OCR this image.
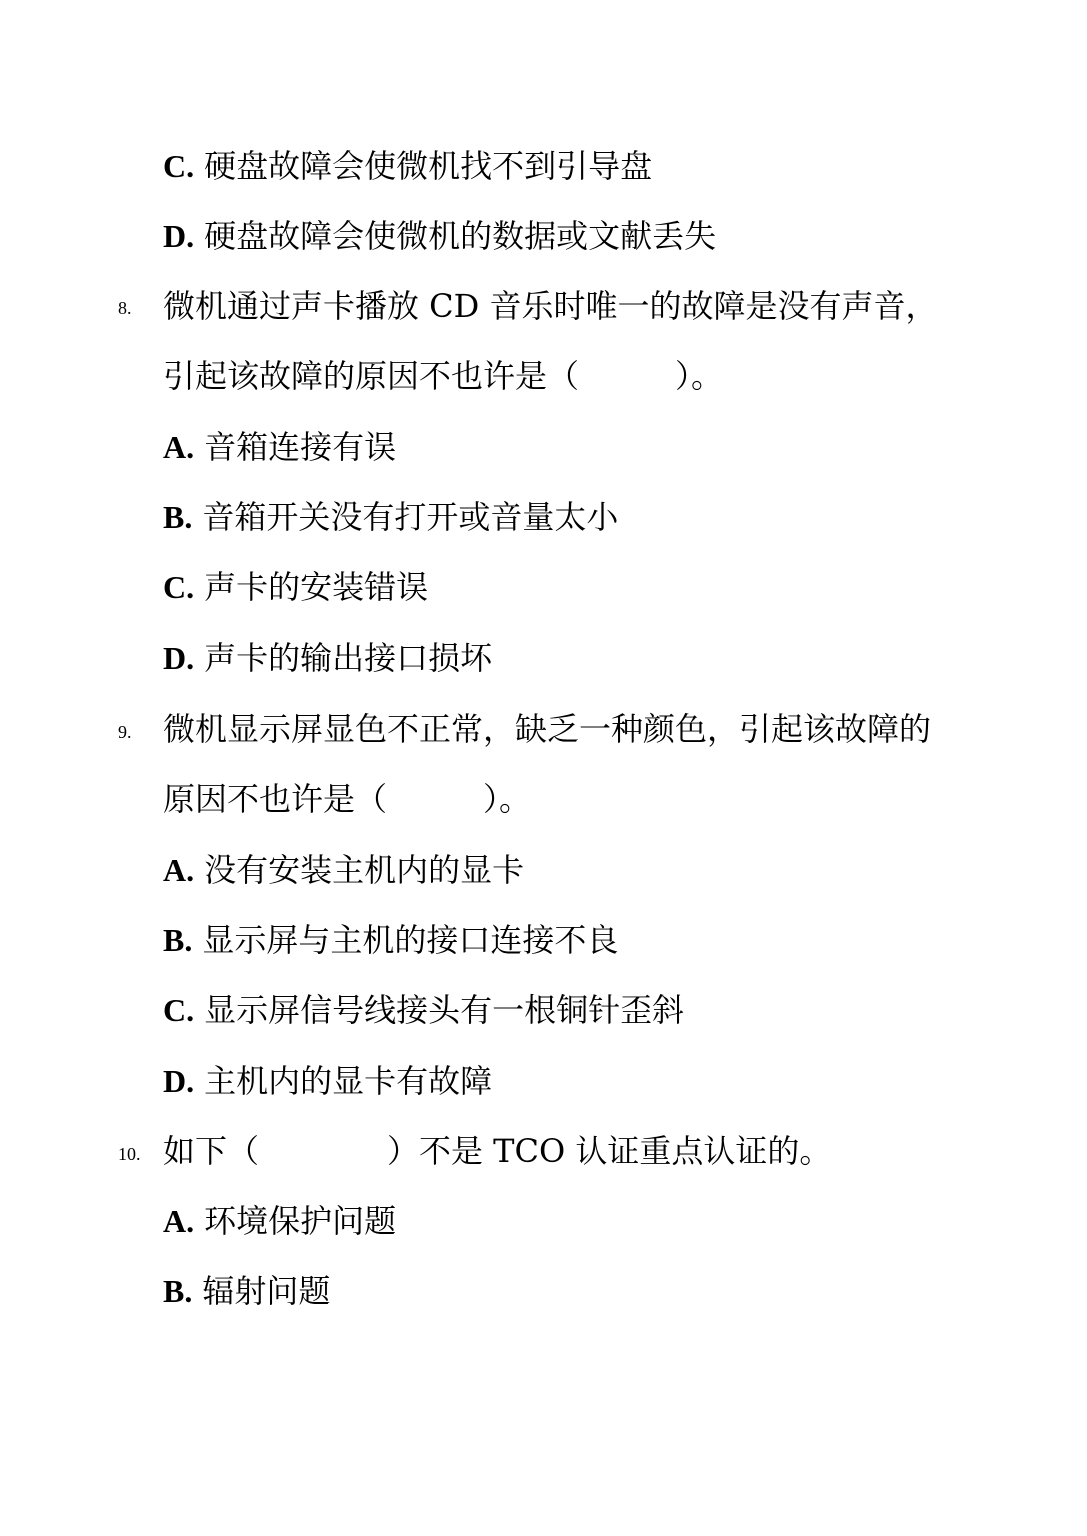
C. 硬盘故障会使微机找不到引导盘
D. 硬盘故障会使微机的数据或文献丢失
8. 微机通过声卡播放 CD 音乐时唯一的故障是没有声音，
引起该故障的原因不也许是（　　　）。
A. 音箱连接有误
B. 音箱开关没有打开或音量太小
C. 声卡的安装错误
D. 声卡的输出接口损坏
9. 微机显示屏显色不正常，缺乏一种颜色，引起该故障的
原因不也许是（　　　）。
A. 没有安装主机内的显卡
B. 显示屏与主机的接口连接不良
C. 显示屏信号线接头有一根铜针歪斜
D. 主机内的显卡有故障
10. 如下（　　　　）不是 TCO 认证重点认证的。
A. 环境保护问题
B. 辐射问题
